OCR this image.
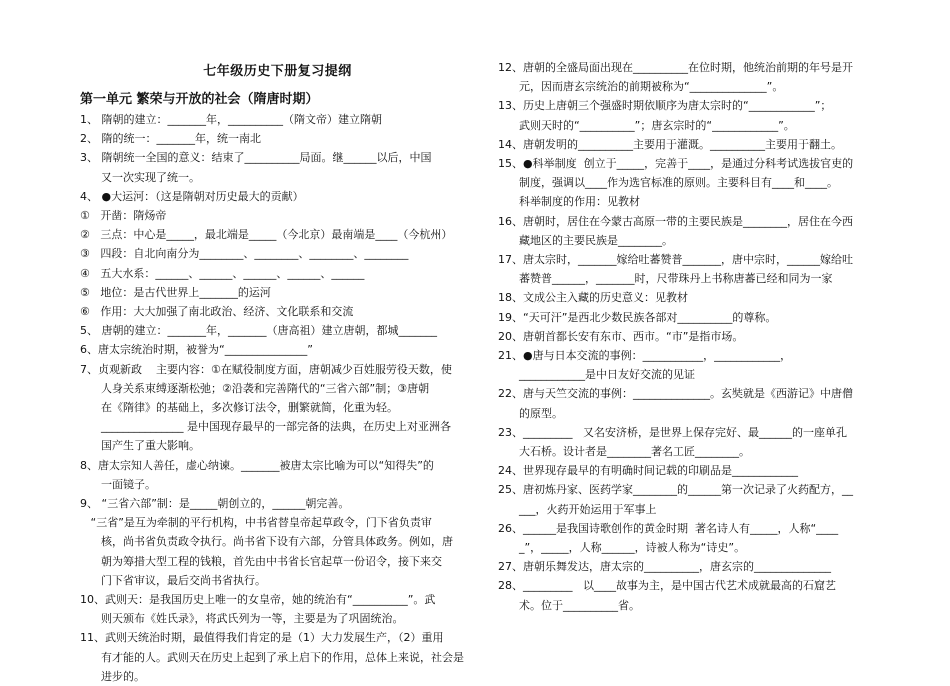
七年级历史下册复习提纲
第一单元 繁荣与开放的社会（隋唐时期）
1、 隋朝的建立：_______年，__________（隋文帝）建立隋朝
2、 隋的统一：_______年，统一南北
3、 隋朝统一全国的意义：结束了__________局面。继______以后，中国
又一次实现了统一。
4、 ●大运河：（这是隋朝对历史最大的贡献）
①   开凿：隋炀帝
②   三点：中心是_____，最北端是_____（今北京）最南端是____（今杭州）
③   四段：自北向南分为________、________、________、________
④   五大水系：______、______、______、______、______
⑤   地位：是古代世界上_______的运河
⑥   作用：大大加强了南北政治、经济、文化联系和交流
5、 唐朝的建立：_______年，_______（唐高祖）建立唐朝，都城_______
6、唐太宗统治时期，被誉为“_______________”
7、贞观新政    主要内容：①在赋役制度方面，唐朝减少百姓服劳役天数，使
人身关系束缚逐渐松弛；②沿袭和完善隋代的“三省六部”制；③唐朝
在《隋律》的基础上，多次修订法令，删繁就简，化重为轻。
_______________ 是中国现存最早的一部完备的法典，在历史上对亚洲各
国产生了重大影响。
8、唐太宗知人善任，虚心纳谏。_______被唐太宗比喻为可以“知得失”的
一面镜子。
9、 “三省六部”制：是_____朝创立的，______朝完善。
“三省”是互为牵制的平行机构，中书省替皇帝起草政令，门下省负责审
核，尚书省负责政令执行。尚书省下设有六部，分管具体政务。例如，唐
朝为筹措大型工程的钱粮，首先由中书省长官起草一份诏令，接下来交
门下省审议，最后交尚书省执行。
10、武则天：是我国历史上唯一的女皇帝，她的统治有“__________”。武
则天颁布《姓氏录》，将武氏列为一等，主要是为了巩固统治。
11、武则天统治时期，最值得我们肯定的是（1）大力发展生产，（2）重用
有才能的人。武则天在历史上起到了承上启下的作用，总体上来说，社会是
进步的。
12、唐朝的全盛局面出现在__________在位时期，他统治前期的年号是开
元，因而唐玄宗统治的前期被称为“______________”。
13、历史上唐朝三个强盛时期依顺序为唐太宗时的“____________”；
武则天时的“__________”；唐玄宗时的“____________”。
14、唐朝发明的__________主要用于灌溉。__________主要用于翻土。
15、●科举制度  创立于_____，完善于____，是通过分科考试选拔官吏的
制度，强调以____作为选官标准的原则。主要科目有____和____。
科举制度的作用：见教材
16、唐朝时，居住在今蒙古高原一带的主要民族是________，居住在今西
藏地区的主要民族是________。
17、唐太宗时，_______嫁给吐蕃赞普_______，唐中宗时，______嫁给吐
蕃赞普______，_______时，尺带珠丹上书称唐蕃已经和同为一家
18、文成公主入藏的历史意义：见教材
19、“天可汗”是西北少数民族各部对__________的尊称。
20、唐朝首都长安有东市、西市。“市”是指市场。
21、●唐与日本交流的事例：___________，____________，
____________是中日友好交流的见证
22、唐与天竺交流的事例：______________。玄奘就是《西游记》中唐僧
的原型。
23、_________   又名安济桥，是世界上保存完好、最______的一座单孔
大石桥。设计者是________著名工匠________。
24、世界现存最早的有明确时间记载的印刷品是____________
25、唐初炼丹家、医药学家________的______第一次记录了火药配方，__
___，火药开始运用于军事上
26、______是我国诗歌创作的黄金时期  著名诗人有_____，人称“____
_”，_____，人称______，诗被人称为“诗史”。
27、唐朝乐舞发达，唐太宗的__________，唐玄宗的______________
28、_________   以____故事为主，是中国古代艺术成就最高的石窟艺
术。位于__________省。
